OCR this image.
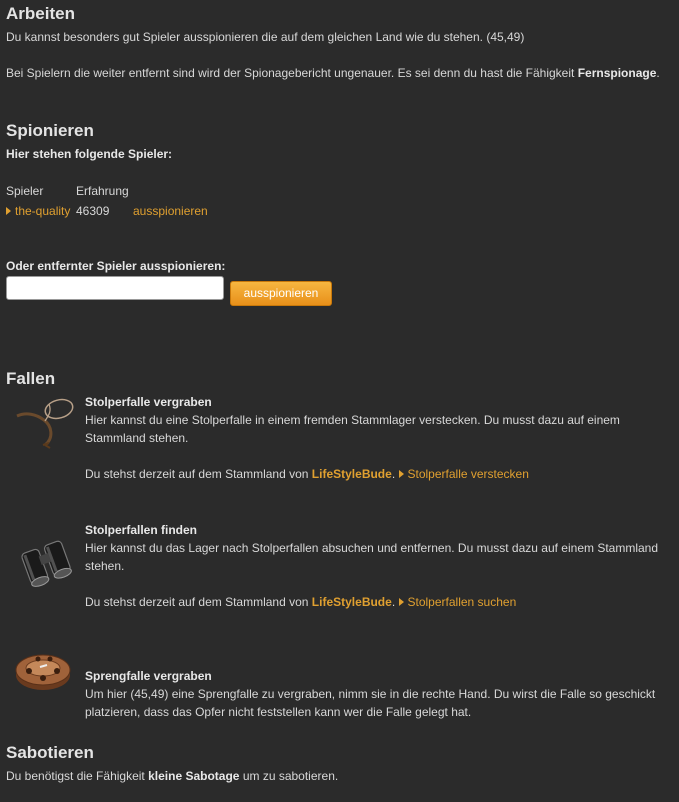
Arbeiten
Du kannst besonders gut Spieler ausspionieren die auf dem gleichen Land wie du stehen. (45,49)
Bei Spielern die weiter entfernt sind wird der Spionagebericht ungenauer. Es sei denn du hast die Fähigkeit Fernspionage.
Spionieren
Hier stehen folgende Spieler:
Spieler	Erfahrung	
the-quality	46309	ausspionieren
Oder entfernter Spieler ausspionieren:
ausspionieren
Fallen
Stolperfalle vergraben
Hier kannst du eine Stolperfalle in einem fremden Stammlager verstecken. Du musst dazu auf einem Stammland stehen.
Du stehst derzeit auf dem Stammland von LifeStyleBude. Stolperfalle verstecken
Stolperfallen finden
Hier kannst du das Lager nach Stolperfallen absuchen und entfernen. Du musst dazu auf einem Stammland stehen.
Du stehst derzeit auf dem Stammland von LifeStyleBude. Stolperfallen suchen
Sprengfalle vergraben
Um hier (45,49) eine Sprengfalle zu vergraben, nimm sie in die rechte Hand. Du wirst die Falle so geschickt platzieren, dass das Opfer nicht feststellen kann wer die Falle gelegt hat.
Sabotieren
Du benötigst die Fähigkeit kleine Sabotage um zu sabotieren.
